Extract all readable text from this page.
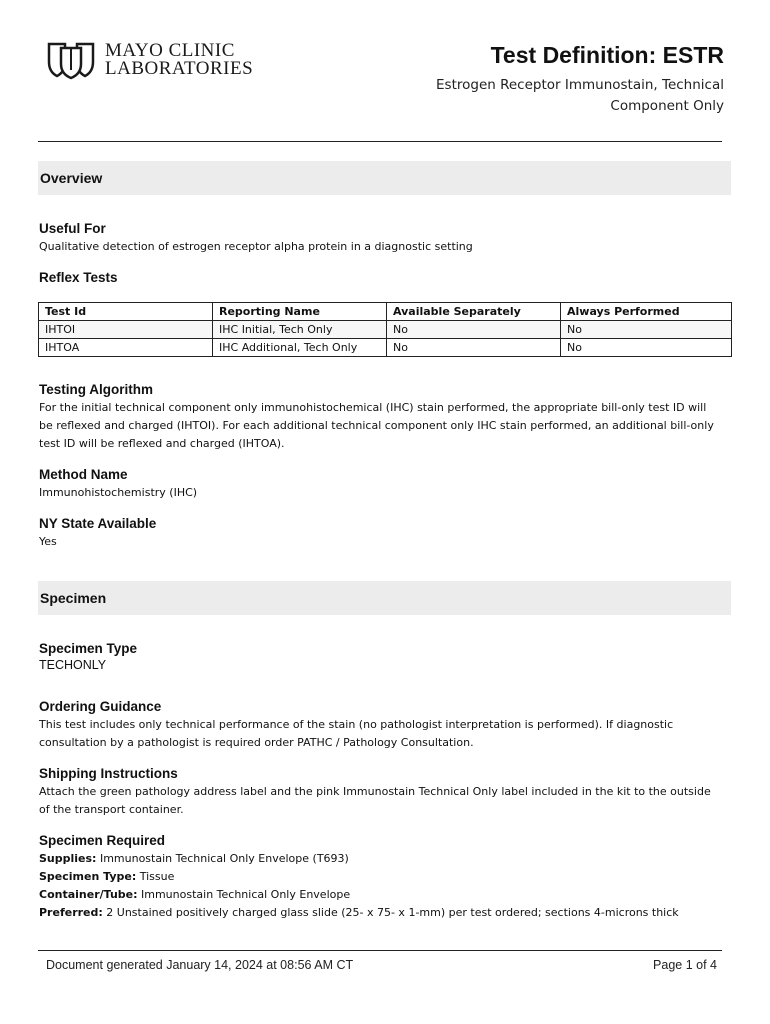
MAYO CLINIC
LABORATORIES
Test Definition: ESTR
Estrogen Receptor Immunostain, Technical Component Only
Overview
Useful For
Qualitative detection of estrogen receptor alpha protein in a diagnostic setting
Reflex Tests
Test Id	Reporting Name	Available Separately	Always Performed
IHTOI	IHC Initial, Tech Only	No	No
IHTOA	IHC Additional, Tech Only	No	No
Testing Algorithm
For the initial technical component only immunohistochemical (IHC) stain performed, the appropriate bill-only test ID will be reflexed and charged (IHTOI). For each additional technical component only IHC stain performed, an additional bill-only test ID will be reflexed and charged (IHTOA).
Method Name
Immunohistochemistry (IHC)
NY State Available
Yes
Specimen
Specimen Type
TECHONLY
Ordering Guidance
This test includes only technical performance of the stain (no pathologist interpretation is performed). If diagnostic consultation by a pathologist is required order PATHC / Pathology Consultation.
Shipping Instructions
Attach the green pathology address label and the pink Immunostain Technical Only label included in the kit to the outside of the transport container.
Specimen Required
Supplies: Immunostain Technical Only Envelope (T693)
Specimen Type: Tissue
Container/Tube: Immunostain Technical Only Envelope
Preferred: 2 Unstained positively charged glass slide (25- x 75- x 1-mm) per test ordered; sections 4-microns thick
Document generated January 14, 2024 at 08:56 AM CT	Page 1 of 4
